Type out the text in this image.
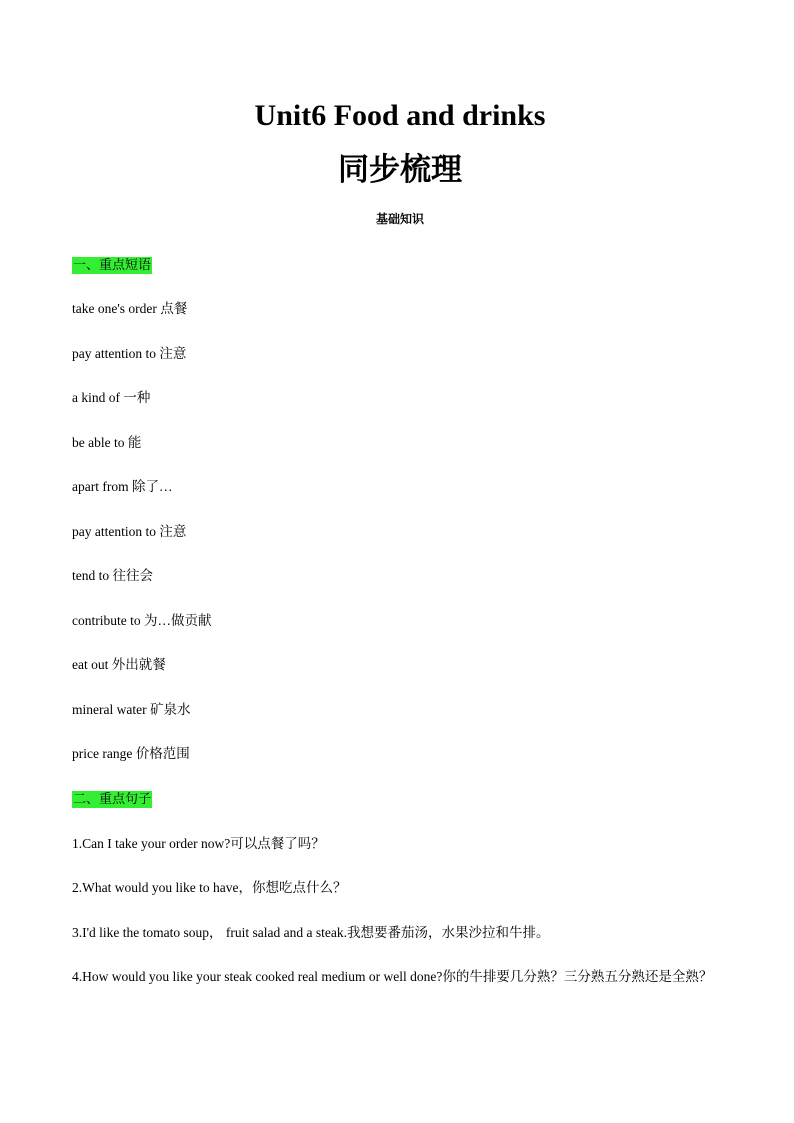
Unit6 Food and drinks
同步梳理
基础知识
一、重点短语
take one's order 点餐
pay attention to 注意
a kind of 一种
be able to 能
apart from 除了…
pay attention to 注意
tend to 往往会
contribute to 为…做贡献
eat out 外出就餐
mineral water 矿泉水
price range 价格范围
二、重点句子
1.Can I take your order now?可以点餐了吗？
2.What would you like to have，你想吃点什么？
3.I'd like the tomato soup， fruit salad and a steak.我想要番茄汤，水果沙拉和牛排。
4.How would you like your steak cooked real medium or well done?你的牛排要几分熟？三分熟五分熟还是全熟？
